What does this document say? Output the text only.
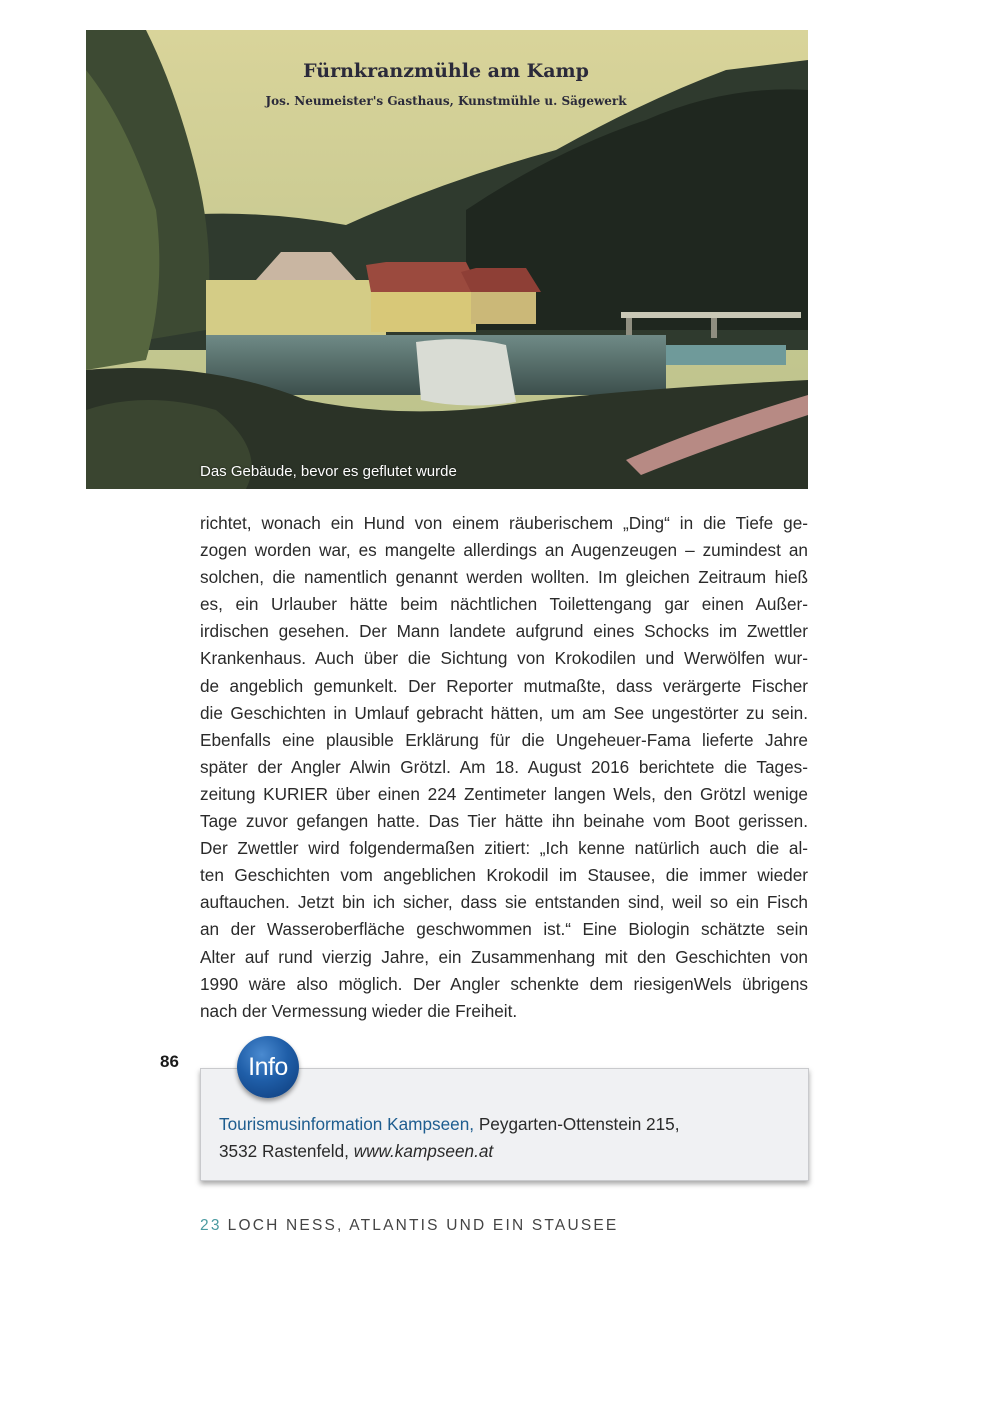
Fürnkranzmühle am Kamp
Jos. Neumeister's Gasthaus, Kunstmühle u. Sägewerk
Das Gebäude, bevor es geflutet wurde
richtet, wonach ein Hund von einem räuberischem „Ding“ in die Tiefe ge-
zogen worden war, es mangelte allerdings an Augenzeugen – zumindest an
solchen, die namentlich genannt werden wollten. Im gleichen Zeitraum hieß
es, ein Urlauber hätte beim nächtlichen Toilettengang gar einen Außer-
irdischen gesehen. Der Mann landete aufgrund eines Schocks im Zwettler
Krankenhaus. Auch über die Sichtung von Krokodilen und Werwölfen wur-
de angeblich gemunkelt. Der Reporter mutmaßte, dass verärgerte Fischer
die Geschichten in Umlauf gebracht hätten, um am See ungestörter zu sein.
Ebenfalls eine plausible Erklärung für die Ungeheuer-Fama lieferte Jahre
später der Angler Alwin Grötzl. Am 18. August 2016 berichtete die Tages-
zeitung KURIER über einen 224 Zentimeter langen Wels, den Grötzl wenige
Tage zuvor gefangen hatte. Das Tier hätte ihn beinahe vom Boot gerissen.
Der Zwettler wird folgendermaßen zitiert: „Ich kenne natürlich auch die al-
ten Geschichten vom angeblichen Krokodil im Stausee, die immer wieder
auftauchen. Jetzt bin ich sicher, dass sie entstanden sind, weil so ein Fisch
an der Wasseroberfläche geschwommen ist.“ Eine Biologin schätzte sein
Alter auf rund vierzig Jahre, ein Zusammenhang mit den Geschichten von
1990 wäre also möglich. Der Angler schenkte dem riesigenWels übrigens
nach der Vermessung wieder die Freiheit.
86
Tourismusinformation Kampseen, Peygarten-Ottenstein 215,
3532 Rastenfeld, www.kampseen.at
Info
23 LOCH NESS, ATLANTIS UND EIN STAUSEE
